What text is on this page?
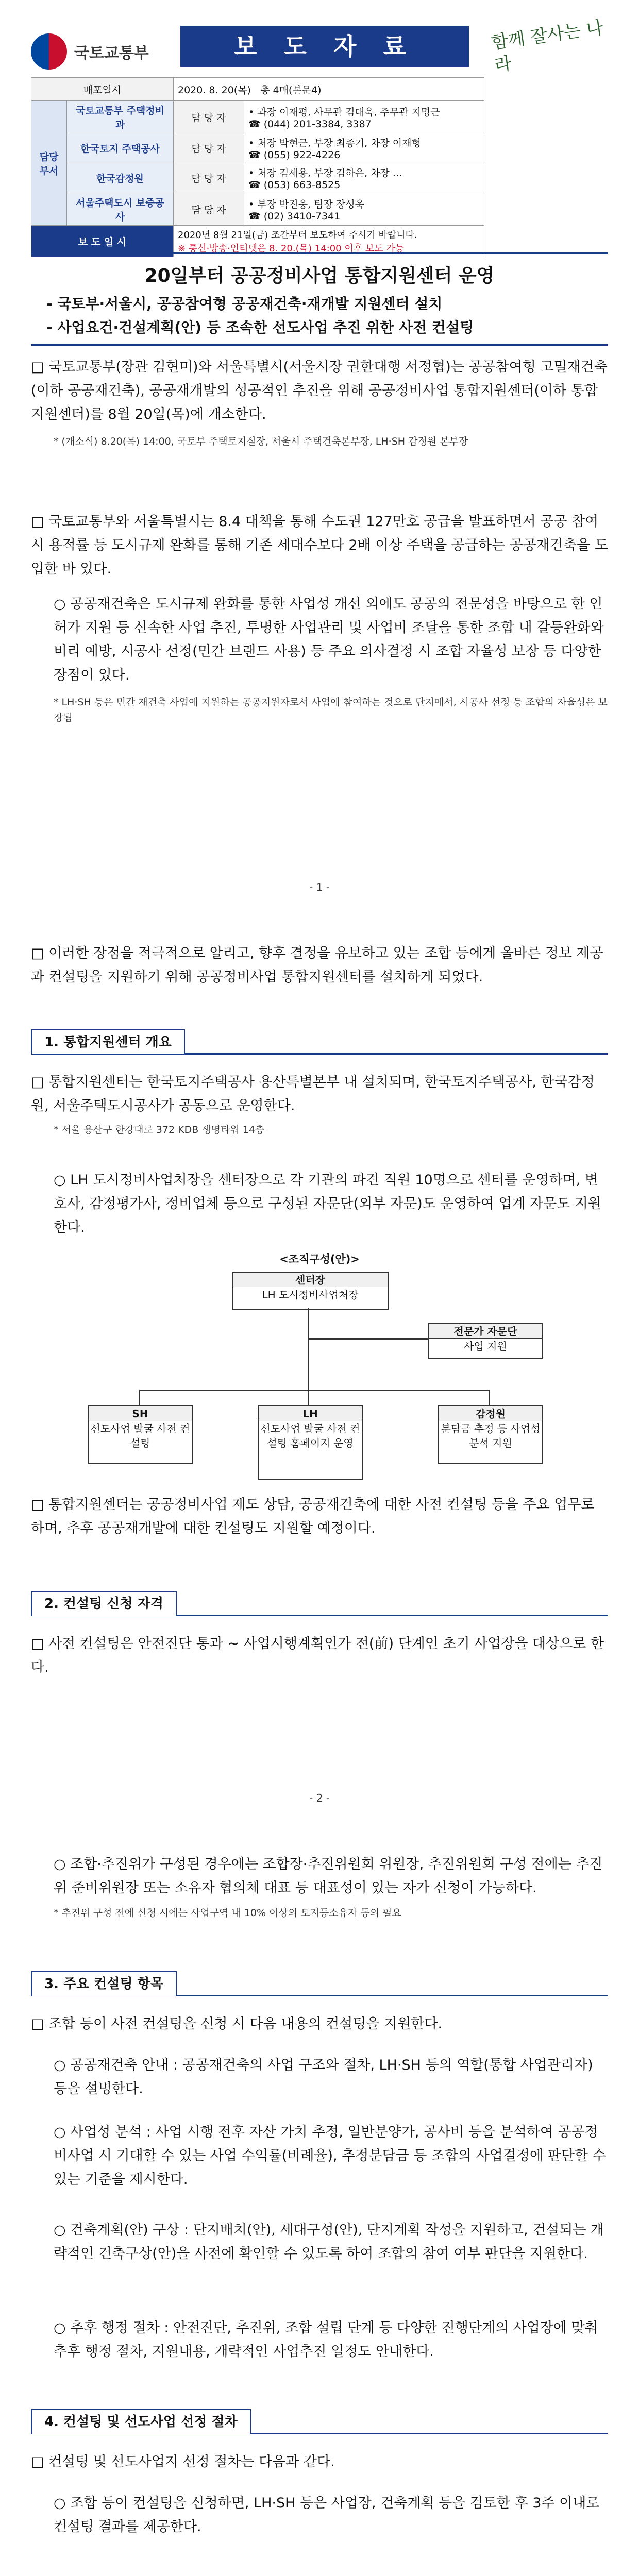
국토교통부	보 도 자 료	함께 잘사는 나라
배포일시		2020. 8. 20(목) 총 4매(본문4)	
담당부서	국토교통부 주택정비과	담 당 자	• 과장 이재평, 사무관 김대욱, 주무관 지명근
☎ (044) 201-3384, 3387

	한국토지 주택공사	담 당 자	• 처장 박현근, 부장 최종기, 차장 이재형
☎ (055) 922-4226

	한국감정원	담 당 자	• 처장 김세용, 부장 김하은, 차장 …
☎ (053) 663-8525

	서울주택도시 보증공사	담 당 자	• 부장 박진웅, 팀장 장성욱
☎ (02) 3410-7341

보 도 일 시		2020년 8월 21일(금) 조간부터 보도하여 주시기 바랍니다.
※ 통신·방송·인터넷은 8. 20.(목) 14:00 이후 보도 가능	
20일부터 공공정비사업 통합지원센터 운영
- 국토부·서울시, 공공참여형 공공재건축·재개발 지원센터 설치
- 사업요건·건설계획(안) 등 조속한 선도사업 추진 위한 사전 컨설팅
□ 국토교통부(장관 김현미)와 서울특별시(서울시장 권한대행 서정협)는 공공참여형 고밀재건축(이하 공공재건축), 공공재개발의 성공적인 추진을 위해 공공정비사업 통합지원센터(이하 통합지원센터)를 8월 20일(목)에 개소한다.
* (개소식) 8.20(목) 14:00, 국토부 주택토지실장, 서울시 주택건축본부장, LH·SH 감정원 본부장
□ 국토교통부와 서울특별시는 8.4 대책을 통해 수도권 127만호 공급을 발표하면서 공공 참여 시 용적률 등 도시규제 완화를 통해 기존 세대수보다 2배 이상 주택을 공급하는 공공재건축을 도입한 바 있다.
○ 공공재건축은 도시규제 완화를 통한 사업성 개선 외에도 공공의 전문성을 바탕으로 한 인허가 지원 등 신속한 사업 추진, 투명한 사업관리 및 사업비 조달을 통한 조합 내 갈등완화와 비리 예방, 시공사 선정(민간 브랜드 사용) 등 주요 의사결정 시 조합 자율성 보장 등 다양한 장점이 있다.
* LH·SH 등은 민간 재건축 사업에 지원하는 공공지원자로서 사업에 참여하는 것으로 단지에서, 시공사 선정 등 조합의 자율성은 보장됨
- 1 -
□ 이러한 장점을 적극적으로 알리고, 향후 결정을 유보하고 있는 조합 등에게 올바른 정보 제공과 컨설팅을 지원하기 위해 공공정비사업 통합지원센터를 설치하게 되었다.
1. 통합지원센터 개요
□ 통합지원센터는 한국토지주택공사 용산특별본부 내 설치되며, 한국토지주택공사, 한국감정원, 서울주택도시공사가 공동으로 운영한다.
* 서울 용산구 한강대로 372 KDB 생명타워 14층
○ LH 도시정비사업처장을 센터장으로 각 기관의 파견 직원 10명으로 센터를 운영하며, 변호사, 감정평가사, 정비업체 등으로 구성된 자문단(외부 자문)도 운영하여 업계 자문도 지원한다.
<조직구성(안)>
센터장
LH 도시정비사업처장
전문가 자문단
사업 지원
SH
선도사업 발굴 사전 컨설팅
LH
선도사업 발굴 사전 컨설팅 홈페이지 운영
감정원
분담금 추정 등 사업성 분석 지원
□ 통합지원센터는 공공정비사업 제도 상담, 공공재건축에 대한 사전 컨설팅 등을 주요 업무로 하며, 추후 공공재개발에 대한 컨설팅도 지원할 예정이다.
2. 컨설팅 신청 자격
□ 사전 컨설팅은 안전진단 통과 ~ 사업시행계획인가 전(前) 단계인 초기 사업장을 대상으로 한다.
- 2 -
○ 조합·추진위가 구성된 경우에는 조합장·추진위원회 위원장, 추진위원회 구성 전에는 추진위 준비위원장 또는 소유자 협의체 대표 등 대표성이 있는 자가 신청이 가능하다.
* 추진위 구성 전에 신청 시에는 사업구역 내 10% 이상의 토지등소유자 동의 필요
3. 주요 컨설팅 항목
□ 조합 등이 사전 컨설팅을 신청 시 다음 내용의 컨설팅을 지원한다.
○ 공공재건축 안내 : 공공재건축의 사업 구조와 절차, LH·SH 등의 역할(통합 사업관리자) 등을 설명한다.
○ 사업성 분석 : 사업 시행 전후 자산 가치 추정, 일반분양가, 공사비 등을 분석하여 공공정비사업 시 기대할 수 있는 사업 수익률(비례율), 추정분담금 등 조합의 사업결정에 판단할 수 있는 기준을 제시한다.
○ 건축계획(안) 구상 : 단지배치(안), 세대구성(안), 단지계획 작성을 지원하고, 건설되는 개략적인 건축구상(안)을 사전에 확인할 수 있도록 하여 조합의 참여 여부 판단을 지원한다.
○ 추후 행정 절차 : 안전진단, 추진위, 조합 설립 단계 등 다양한 진행단계의 사업장에 맞춰 추후 행정 절차, 지원내용, 개략적인 사업추진 일정도 안내한다.
4. 컨설팅 및 선도사업 선정 절차
□ 컨설팅 및 선도사업지 선정 절차는 다음과 같다.
○ 조합 등이 컨설팅을 신청하면, LH·SH 등은 사업장, 건축계획 등을 검토한 후 3주 이내로 컨설팅 결과를 제공한다.
